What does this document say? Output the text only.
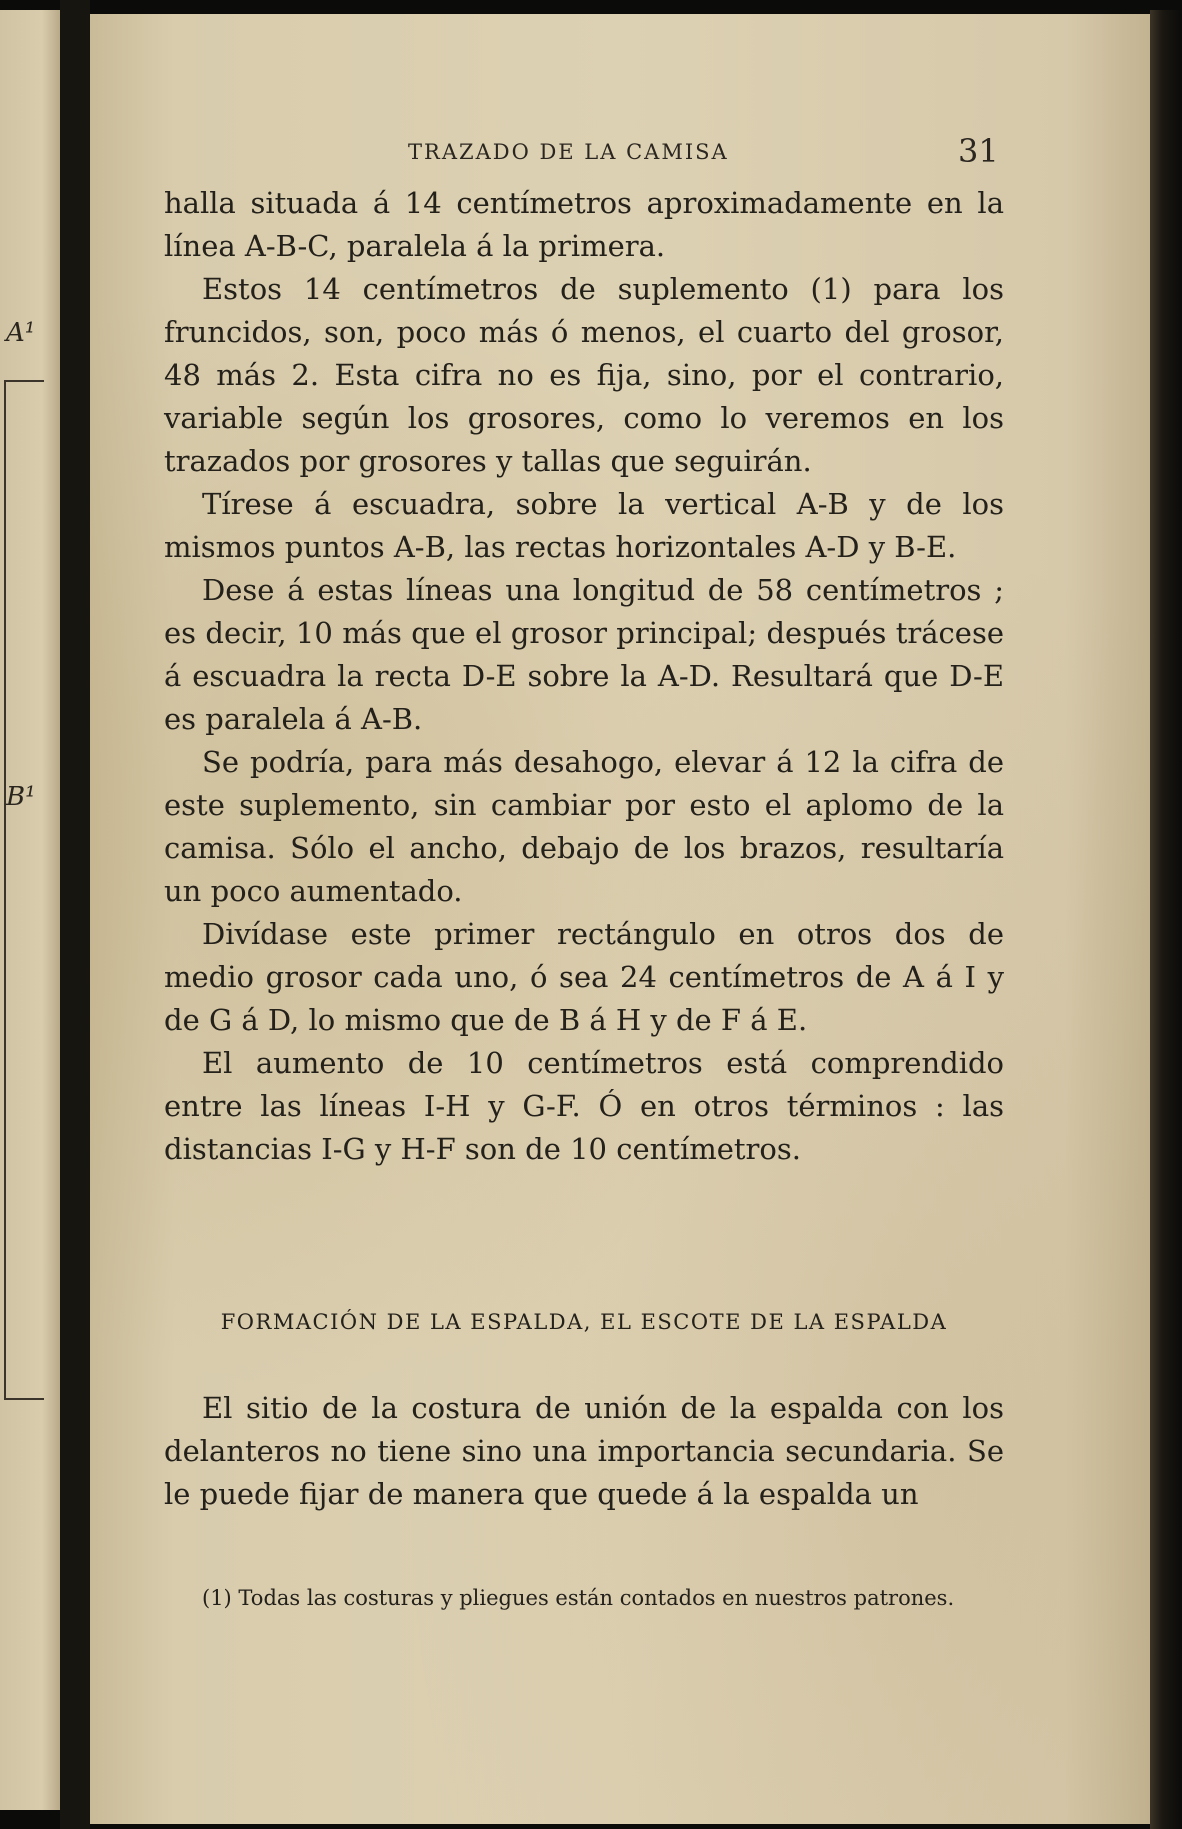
A¹
B¹
TRAZADO DE LA CAMISA	31

halla situada á 14 centímetros aproximadamente en la línea A-B-C, paralela á la primera.

Estos 14 centímetros de suplemento (1) para los fruncidos, son, poco más ó menos, el cuarto del grosor, 48 más 2. Esta cifra no es fija, sino, por el contrario, variable según los grosores, como lo veremos en los trazados por grosores y tallas que seguirán.

Tírese á escuadra, sobre la vertical A-B y de los mismos puntos A-B, las rectas horizontales A-D y B-E.

Dese á estas líneas una longitud de 58 centímetros ; es decir, 10 más que el grosor principal; después trácese á escuadra la recta D-E sobre la A-D. Resultará que D-E es paralela á A-B.

Se podría, para más desahogo, elevar á 12 la cifra de este suplemento, sin cambiar por esto el aplomo de la camisa. Sólo el ancho, debajo de los brazos, resultaría un poco aumentado.

Divídase este primer rectángulo en otros dos de medio grosor cada uno, ó sea 24 centímetros de A á I y de G á D, lo mismo que de B á H y de F á E.

El aumento de 10 centímetros está comprendido entre las líneas I-H y G-F. Ó en otros términos : las distancias I-G y H-F son de 10 centímetros.

FORMACIÓN DE LA ESPALDA, EL ESCOTE DE LA ESPALDA

El sitio de la costura de unión de la espalda con los delanteros no tiene sino una importancia secundaria. Se le puede fijar de manera que quede á la espalda un

(1) Todas las costuras y pliegues están contados en nuestros patrones.
